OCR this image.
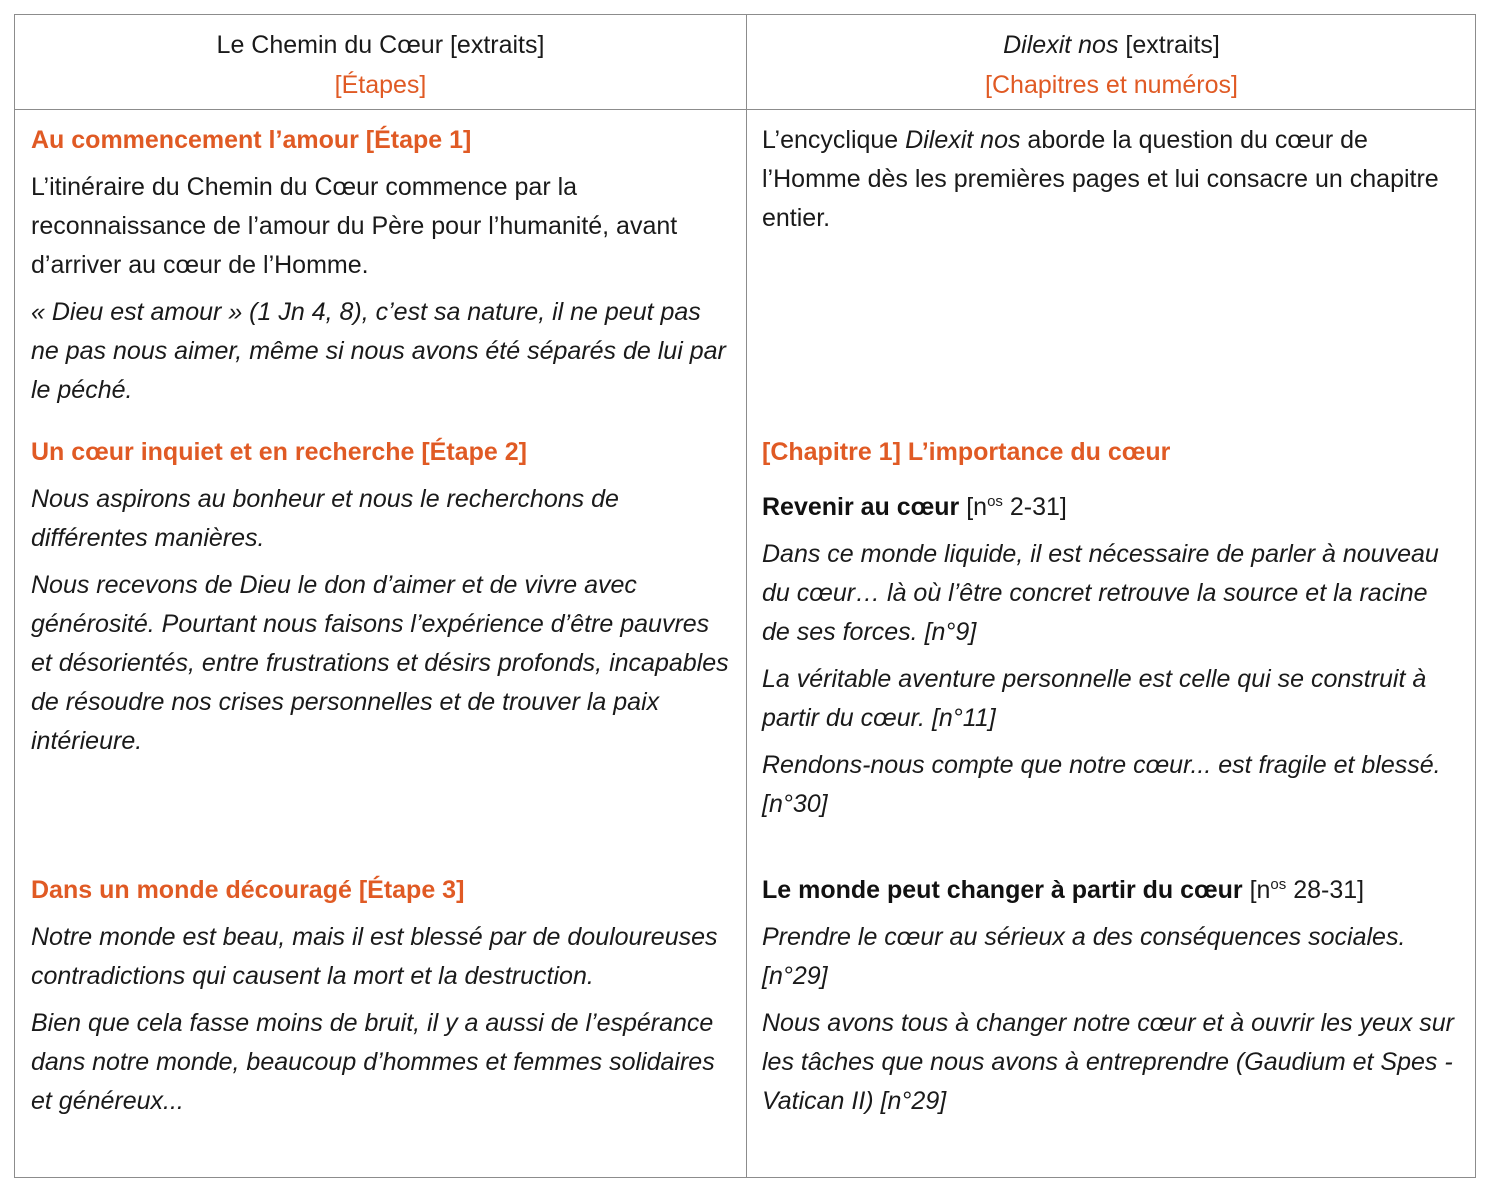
Le Chemin du Cœur [extraits]
[Étapes]
Dilexit nos [extraits]
[Chapitres et numéros]

Au commencement l’amour [Étape 1]

L’itinéraire du Chemin du Cœur commence par la reconnaissance de l’amour du Père pour l’humanité, avant d’arriver au cœur de l’Homme.

« Dieu est amour » (1 Jn 4, 8), c’est sa nature, il ne peut pas ne pas nous aimer, même si nous avons été séparés de lui par le péché.

Un cœur inquiet et en recherche [Étape 2]

Nous aspirons au bonheur et nous le recherchons de différentes manières.

Nous recevons de Dieu le don d’aimer et de vivre avec générosité. Pourtant nous faisons l’expérience d’être pauvres et désorientés, entre frustrations et désirs profonds, incapables de résoudre nos crises personnelles et de trouver la paix intérieure.

Dans un monde découragé [Étape 3]

Notre monde est beau, mais il est blessé par de douloureuses contradictions qui causent la mort et la destruction.

Bien que cela fasse moins de bruit, il y a aussi de l’espérance dans notre monde, beaucoup d’hommes et femmes solidaires et généreux...

L’encyclique Dilexit nos aborde la question du cœur de l’Homme dès les premières pages et lui consacre un chapitre entier.

[Chapitre 1] L’importance du cœur

Revenir au cœur [$n^{os}$ 2-31]

Dans ce monde liquide, il est nécessaire de parler à nouveau du cœur… là où l’être concret retrouve la source et la racine de ses forces. [n°9]

La véritable aventure personnelle est celle qui se construit à partir du cœur. [n°11]

Rendons-nous compte que notre cœur... est fragile et blessé. [n°30]

Le monde peut changer à partir du cœur [$n^{os}$ 28-31]

Prendre le cœur au sérieux a des conséquences sociales. [n°29]

Nous avons tous à changer notre cœur et à ouvrir les yeux sur les tâches que nous avons à entreprendre (Gaudium et Spes - Vatican II) [n°29]
